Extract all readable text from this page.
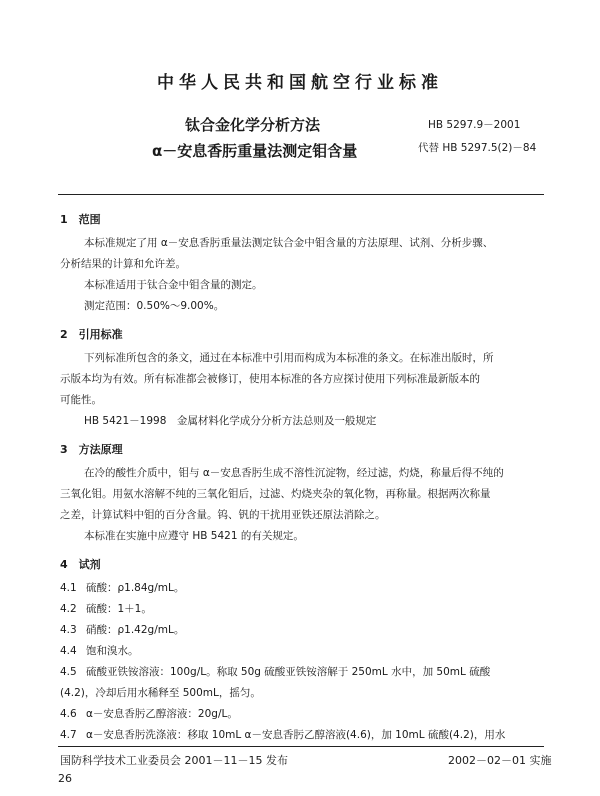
中华人民共和国航空行业标准
钛合金化学分析方法
α－安息香肟重量法测定钼含量
HB 5297.9－2001
代替 HB 5297.5(2)－84
1　范围
本标准规定了用 α－安息香肟重量法测定钛合金中钼含量的方法原理、试剂、分析步骤、
分析结果的计算和允许差。
本标准适用于钛合金中钼含量的测定。
测定范围：0.50%～9.00%。
2　引用标准
下列标准所包含的条文，通过在本标准中引用而构成为本标准的条文。在标准出版时，所
示版本均为有效。所有标准都会被修订，使用本标准的各方应探讨使用下列标准最新版本的
可能性。
HB 5421－1998　金属材料化学成分分析方法总则及一般规定
3　方法原理
在冷的酸性介质中，钼与 α－安息香肟生成不溶性沉淀物，经过滤，灼烧，称量后得不纯的
三氧化钼。用氨水溶解不纯的三氧化钼后，过滤、灼烧夹杂的氧化物，再称量。根据两次称量
之差，计算试料中钼的百分含量。钨、钒的干扰用亚铁还原法消除之。
本标准在实施中应遵守 HB 5421 的有关规定。
4　试剂
4.1 硫酸：ρ1.84g/mL。
4.2 硫酸：1＋1。
4.3 硝酸：ρ1.42g/mL。
4.4 饱和溴水。
4.5 硫酸亚铁铵溶液：100g/L。称取 50g 硫酸亚铁铵溶解于 250mL 水中，加 50mL 硫酸
(4.2)，冷却后用水稀释至 500mL，摇匀。
4.6 α－安息香肟乙醇溶液：20g/L。
4.7 α－安息香肟洗涤液：移取 10mL α－安息香肟乙醇溶液(4.6)，加 10mL 硫酸(4.2)，用水
国防科学技术工业委员会 2001－11－15 发布	2002－02－01 实施
26
